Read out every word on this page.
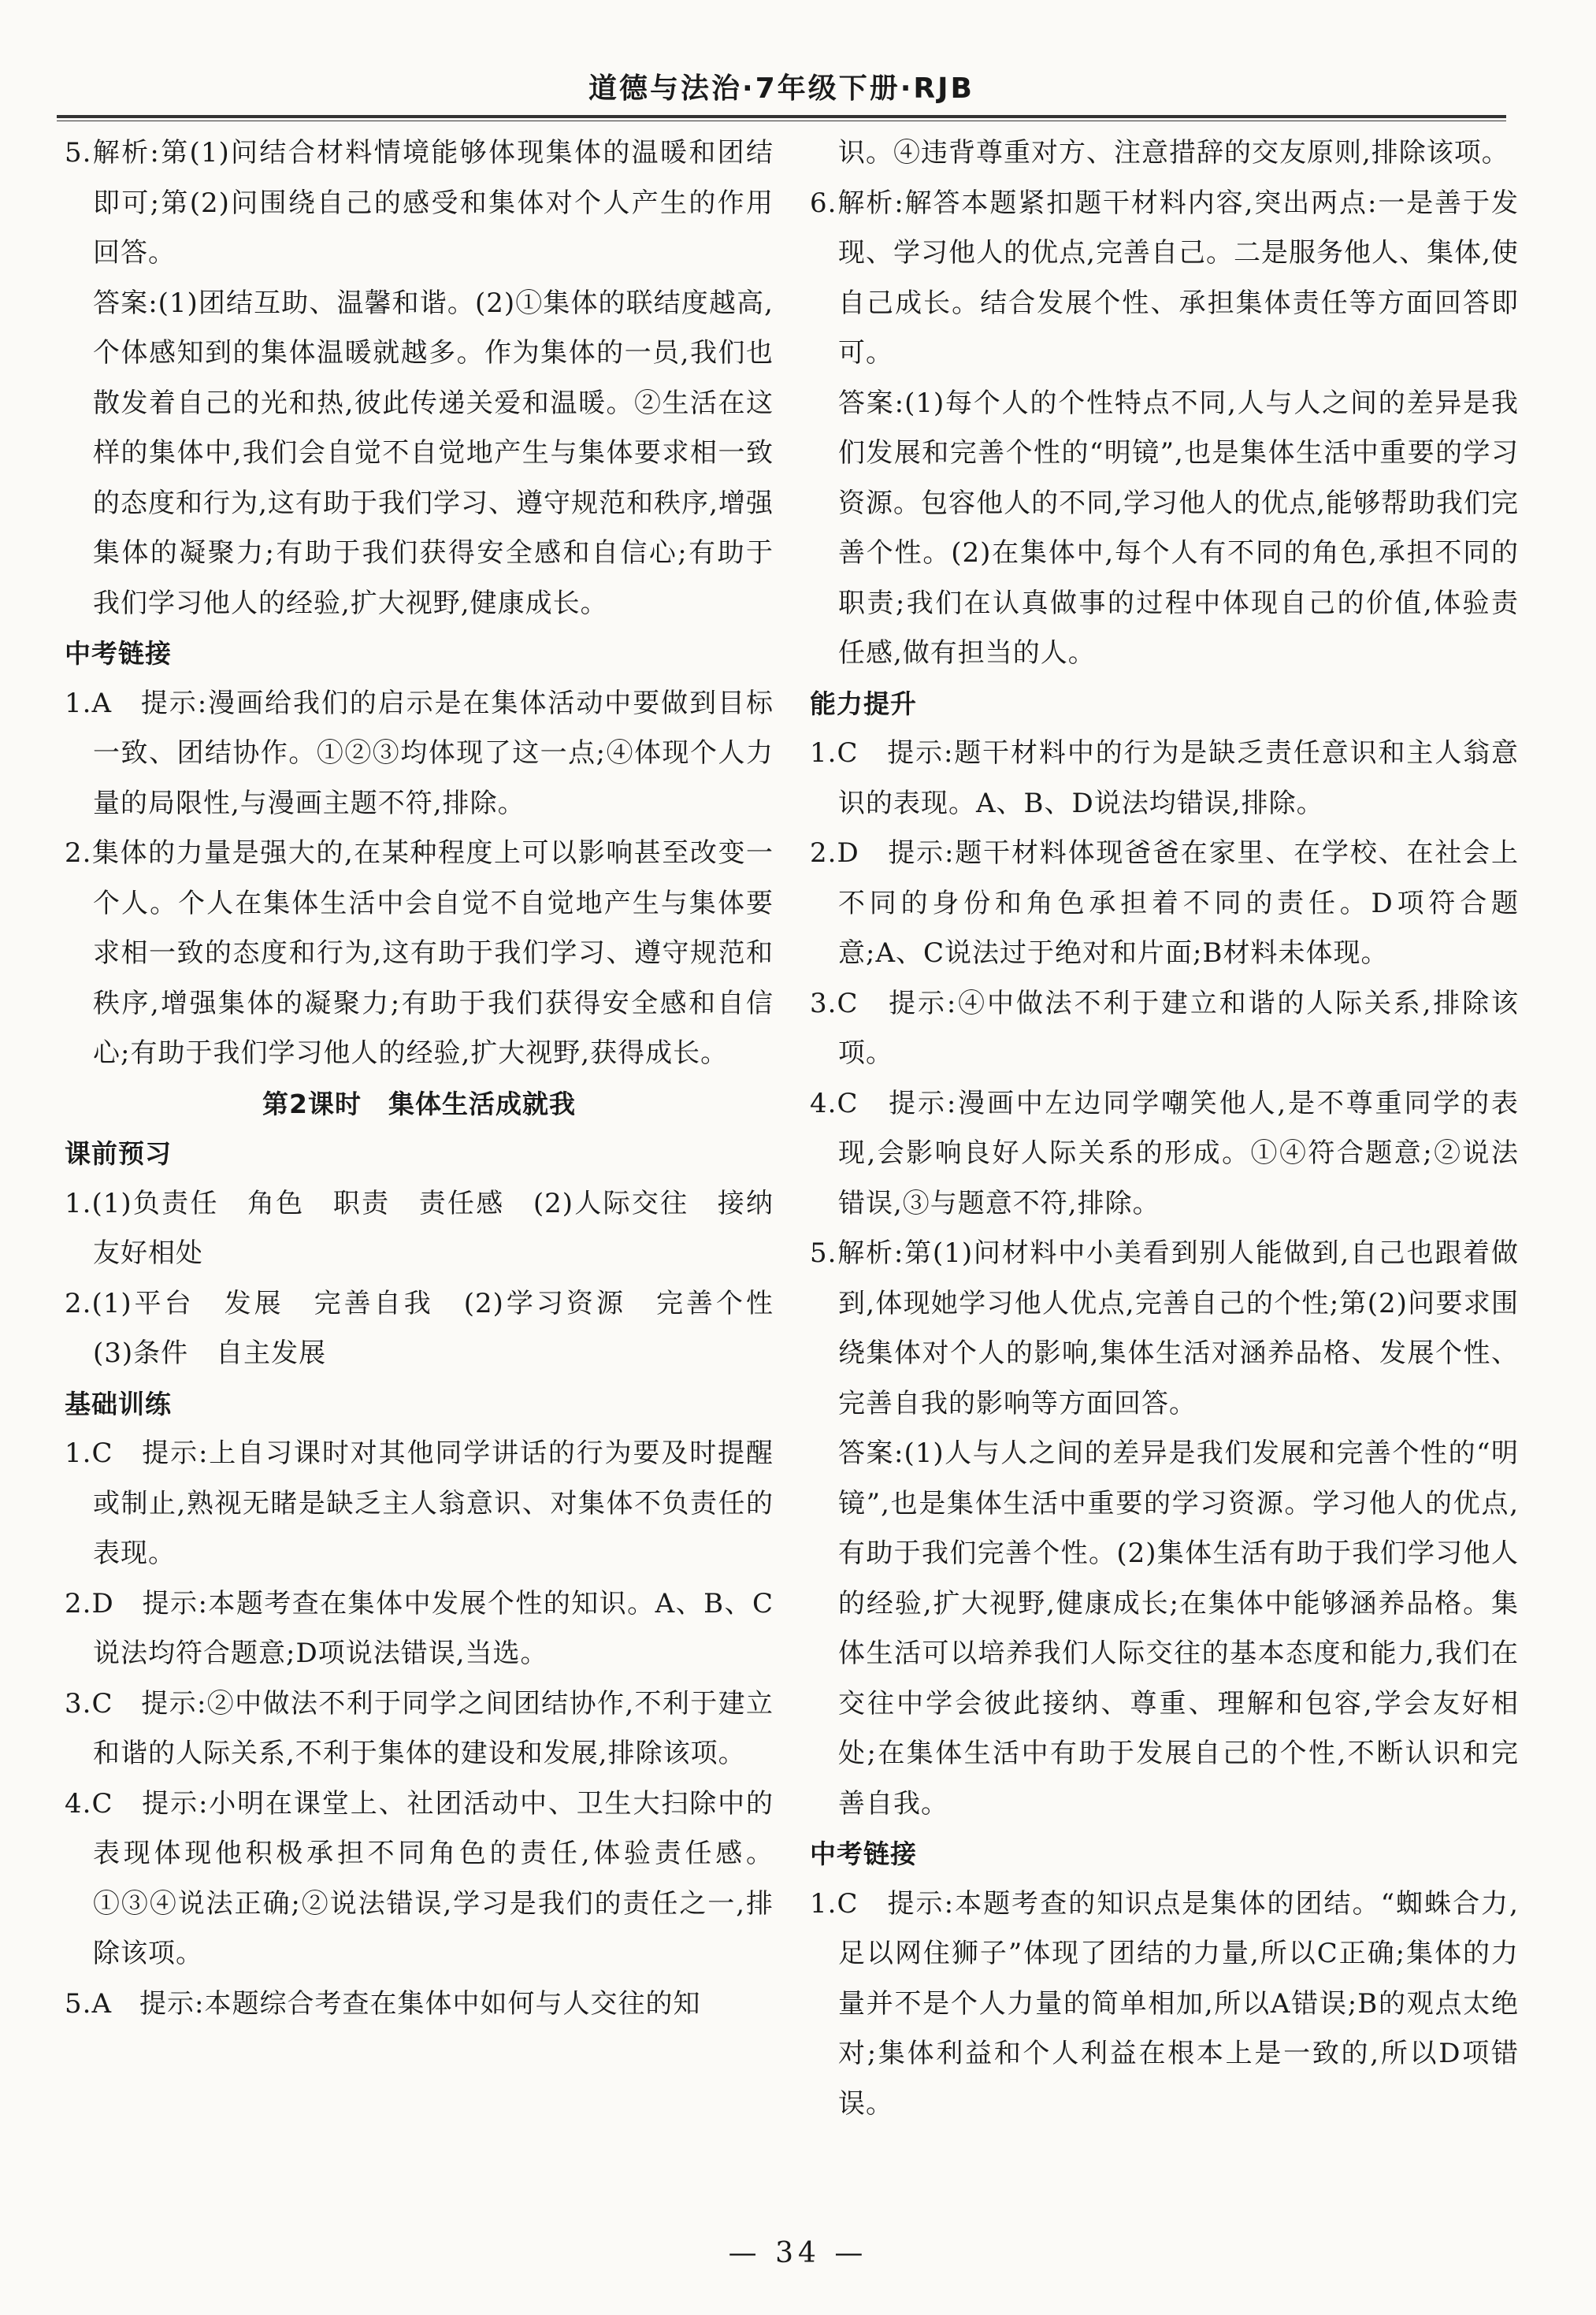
道德与法治·7年级下册·RJB

5.解析:第(1)问结合材料情境能够体现集体的温暖和团结即可;第(2)问围绕自己的感受和集体对个人产生的作用回答。

答案:(1)团结互助、温馨和谐。(2)①集体的联结度越高,个体感知到的集体温暖就越多。作为集体的一员,我们也散发着自己的光和热,彼此传递关爱和温暖。②生活在这样的集体中,我们会自觉不自觉地产生与集体要求相一致的态度和行为,这有助于我们学习、遵守规范和秩序,增强集体的凝聚力;有助于我们获得安全感和自信心;有助于我们学习他人的经验,扩大视野,健康成长。

中考链接

1.A　提示:漫画给我们的启示是在集体活动中要做到目标一致、团结协作。①②③均体现了这一点;④体现个人力量的局限性,与漫画主题不符,排除。

2.集体的力量是强大的,在某种程度上可以影响甚至改变一个人。个人在集体生活中会自觉不自觉地产生与集体要求相一致的态度和行为,这有助于我们学习、遵守规范和秩序,增强集体的凝聚力;有助于我们获得安全感和自信心;有助于我们学习他人的经验,扩大视野,获得成长。

第2课时　集体生活成就我

课前预习

1.(1)负责任　角色　职责　责任感　(2)人际交往　接纳　友好相处

2.(1)平台　发展　完善自我　(2)学习资源　完善个性　(3)条件　自主发展

基础训练

1.C　提示:上自习课时对其他同学讲话的行为要及时提醒或制止,熟视无睹是缺乏主人翁意识、对集体不负责任的表现。

2.D　提示:本题考查在集体中发展个性的知识。A、B、C说法均符合题意;D项说法错误,当选。

3.C　提示:②中做法不利于同学之间团结协作,不利于建立和谐的人际关系,不利于集体的建设和发展,排除该项。

4.C　提示:小明在课堂上、社团活动中、卫生大扫除中的表现体现他积极承担不同角色的责任,体验责任感。①③④说法正确;②说法错误,学习是我们的责任之一,排除该项。

5.A　提示:本题综合考查在集体中如何与人交往的知

识。④违背尊重对方、注意措辞的交友原则,排除该项。

6.解析:解答本题紧扣题干材料内容,突出两点:一是善于发现、学习他人的优点,完善自己。二是服务他人、集体,使自己成长。结合发展个性、承担集体责任等方面回答即可。

答案:(1)每个人的个性特点不同,人与人之间的差异是我们发展和完善个性的“明镜”,也是集体生活中重要的学习资源。包容他人的不同,学习他人的优点,能够帮助我们完善个性。(2)在集体中,每个人有不同的角色,承担不同的职责;我们在认真做事的过程中体现自己的价值,体验责任感,做有担当的人。

能力提升

1.C　提示:题干材料中的行为是缺乏责任意识和主人翁意识的表现。A、B、D说法均错误,排除。

2.D　提示:题干材料体现爸爸在家里、在学校、在社会上不同的身份和角色承担着不同的责任。D项符合题意;A、C说法过于绝对和片面;B材料未体现。

3.C　提示:④中做法不利于建立和谐的人际关系,排除该项。

4.C　提示:漫画中左边同学嘲笑他人,是不尊重同学的表现,会影响良好人际关系的形成。①④符合题意;②说法错误,③与题意不符,排除。

5.解析:第(1)问材料中小美看到别人能做到,自己也跟着做到,体现她学习他人优点,完善自己的个性;第(2)问要求围绕集体对个人的影响,集体生活对涵养品格、发展个性、完善自我的影响等方面回答。

答案:(1)人与人之间的差异是我们发展和完善个性的“明镜”,也是集体生活中重要的学习资源。学习他人的优点,有助于我们完善个性。(2)集体生活有助于我们学习他人的经验,扩大视野,健康成长;在集体中能够涵养品格。集体生活可以培养我们人际交往的基本态度和能力,我们在交往中学会彼此接纳、尊重、理解和包容,学会友好相处;在集体生活中有助于发展自己的个性,不断认识和完善自我。

中考链接

1.C　提示:本题考查的知识点是集体的团结。“蜘蛛合力,足以网住狮子”体现了团结的力量,所以C正确;集体的力量并不是个人力量的简单相加,所以A错误;B的观点太绝对;集体利益和个人利益在根本上是一致的,所以D项错误。

— 34 —
